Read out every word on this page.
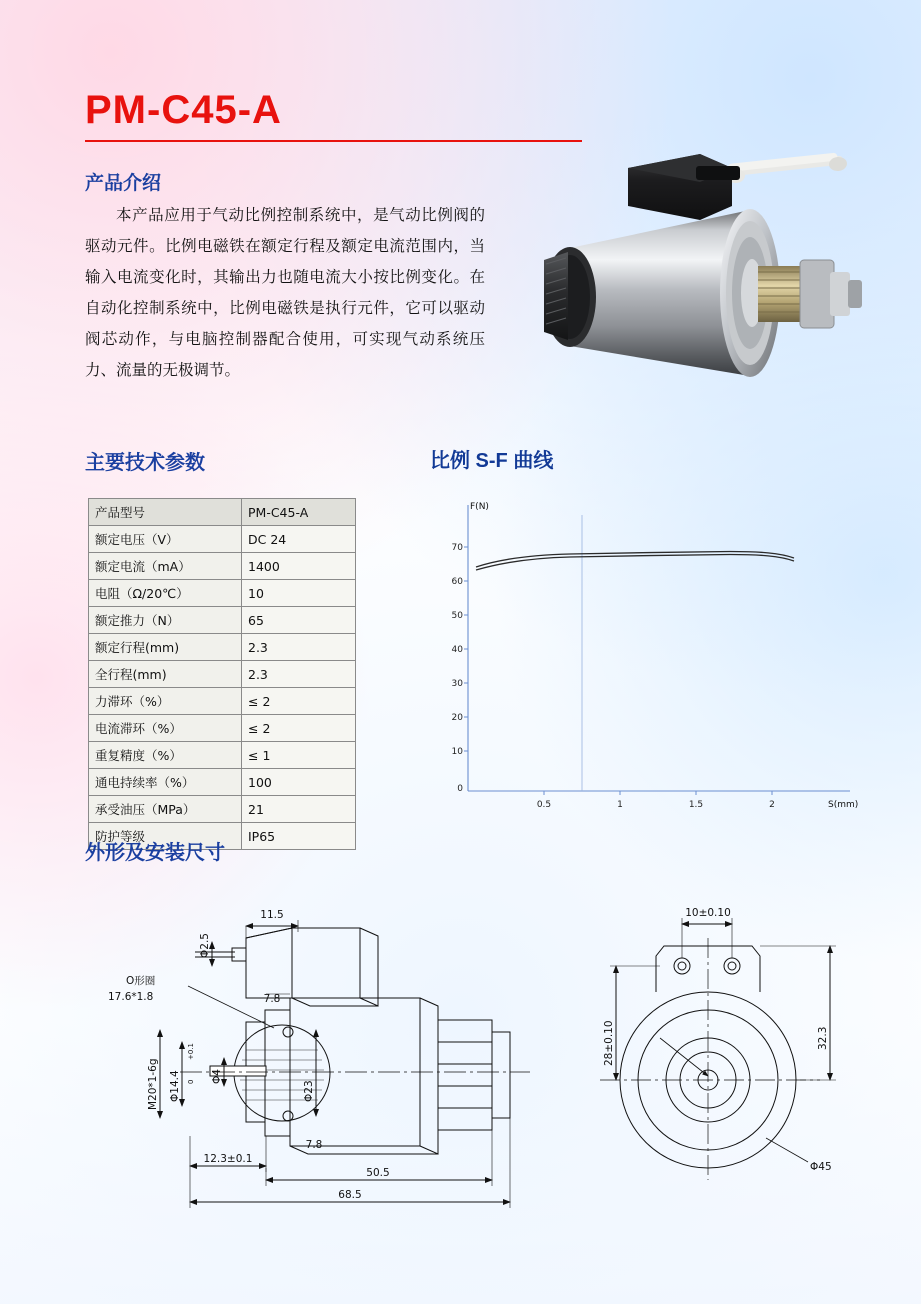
PM-C45-A
产品介绍
本产品应用于气动比例控制系统中，是气动比例阀的驱动元件。比例电磁铁在额定行程及额定电流范围内，当输入电流变化时，其输出力也随电流大小按比例变化。在自动化控制系统中，比例电磁铁是执行元件，它可以驱动阀芯动作，与电脑控制器配合使用，可实现气动系统压力、流量的无极调节。
主要技术参数
产品型号	PM-C45-A
额定电压（V）	DC 24
额定电流（mA）	1400
电阻（Ω/20℃）	10
额定推力（N）	65
额定行程(mm)	2.3
全行程(mm)	2.3
力滞环（%）	≤ 2
电流滞环（%）	≤ 2
重复精度（%）	≤ 1
通电持续率（%）	100
承受油压（MPa）	21
防护等级	IP65
比例 S-F 曲线
70
60
50
40
30
20
10
0
0.5	1	1.5	2
F(N)
S(mm)
外形及安装尺寸
Φ2.5
11.5
O形圈
17.6*1.8	7.8
7.8
M20*1-6g Φ14.4
+0.1
0 Φ4
Φ23
12.3±0.1
50.5
68.5
10±0.10
28±0.10	32.3
Φ45
